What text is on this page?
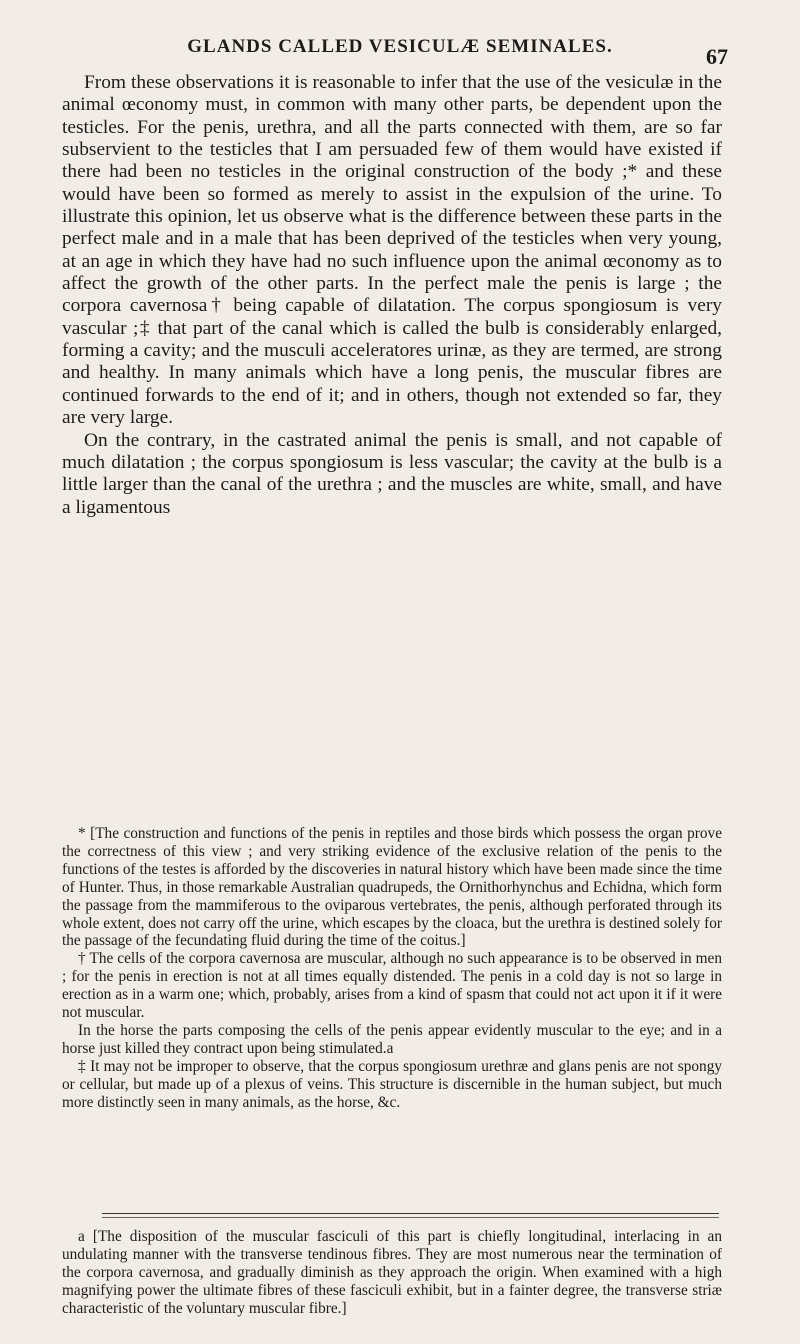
GLANDS CALLED VESICULÆ SEMINALES.	67

From these observations it is reasonable to infer that the use of the vesiculæ in the animal œconomy must, in common with many other parts, be dependent upon the testicles. For the penis, urethra, and all the parts connected with them, are so far subservient to the testicles that I am persuaded few of them would have existed if there had been no testicles in the original construction of the body ;* and these would have been so formed as merely to assist in the expulsion of the urine. To illustrate this opinion, let us observe what is the difference between these parts in the perfect male and in a male that has been deprived of the testicles when very young, at an age in which they have had no such influence upon the animal œconomy as to affect the growth of the other parts. In the perfect male the penis is large ; the corpora cavernosa† being capable of dilatation. The corpus spongiosum is very vascular ;‡ that part of the canal which is called the bulb is considerably enlarged, forming a cavity; and the musculi acceleratores urinæ, as they are termed, are strong and healthy. In many animals which have a long penis, the muscular fibres are continued forwards to the end of it; and in others, though not extended so far, they are very large.

On the contrary, in the castrated animal the penis is small, and not capable of much dilatation ; the corpus spongiosum is less vascular; the cavity at the bulb is a little larger than the canal of the urethra ; and the muscles are white, small, and have a ligamentous

* [The construction and functions of the penis in reptiles and those birds which possess the organ prove the correctness of this view ; and very striking evidence of the exclusive relation of the penis to the functions of the testes is afforded by the discoveries in natural history which have been made since the time of Hunter. Thus, in those remarkable Australian quadrupeds, the Ornithorhynchus and Echidna, which form the passage from the mammiferous to the oviparous vertebrates, the penis, although perforated through its whole extent, does not carry off the urine, which escapes by the cloaca, but the urethra is destined solely for the passage of the fecundating fluid during the time of the coitus.]

† The cells of the corpora cavernosa are muscular, although no such appearance is to be observed in men ; for the penis in erection is not at all times equally distended. The penis in a cold day is not so large in erection as in a warm one; which, probably, arises from a kind of spasm that could not act upon it if it were not muscular.

In the horse the parts composing the cells of the penis appear evidently muscular to the eye; and in a horse just killed they contract upon being stimulated.a

‡ It may not be improper to observe, that the corpus spongiosum urethræ and glans penis are not spongy or cellular, but made up of a plexus of veins. This structure is discernible in the human subject, but much more distinctly seen in many animals, as the horse, &c.

a [The disposition of the muscular fasciculi of this part is chiefly longitudinal, interlacing in an undulating manner with the transverse tendinous fibres. They are most numerous near the termination of the corpora cavernosa, and gradually diminish as they approach the origin. When examined with a high magnifying power the ultimate fibres of these fasciculi exhibit, but in a fainter degree, the transverse striæ characteristic of the voluntary muscular fibre.]
